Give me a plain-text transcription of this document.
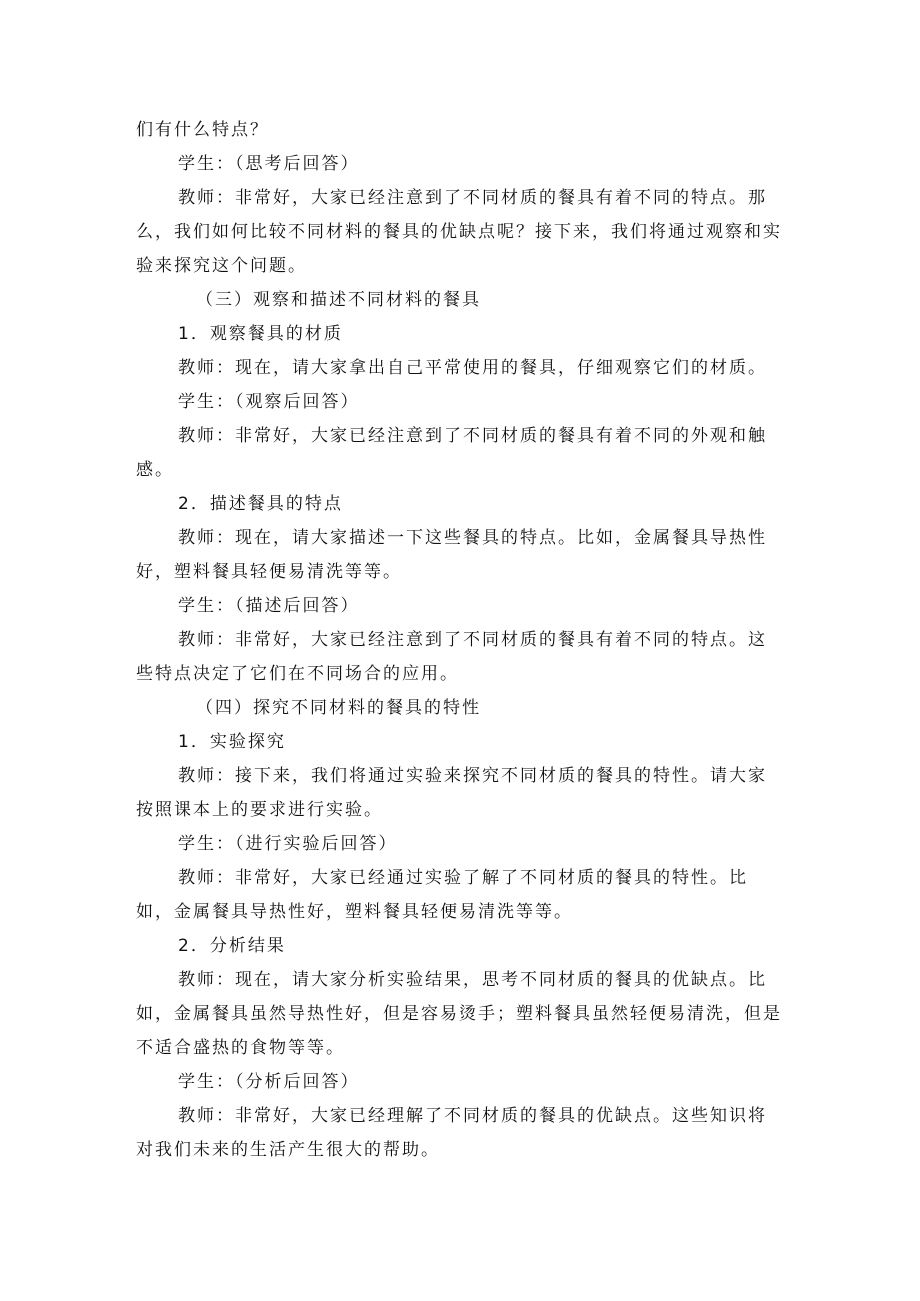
们有什么特点？

学生：（思考后回答）

教师：非常好，大家已经注意到了不同材质的餐具有着不同的特点。那么，我们如何比较不同材料的餐具的优缺点呢？接下来，我们将通过观察和实验来探究这个问题。

（三）观察和描述不同材料的餐具

1．观察餐具的材质

教师：现在，请大家拿出自己平常使用的餐具，仔细观察它们的材质。

学生：（观察后回答）

教师：非常好，大家已经注意到了不同材质的餐具有着不同的外观和触感。

2．描述餐具的特点

教师：现在，请大家描述一下这些餐具的特点。比如，金属餐具导热性好，塑料餐具轻便易清洗等等。

学生：（描述后回答）

教师：非常好，大家已经注意到了不同材质的餐具有着不同的特点。这些特点决定了它们在不同场合的应用。

（四）探究不同材料的餐具的特性

1．实验探究

教师：接下来，我们将通过实验来探究不同材质的餐具的特性。请大家按照课本上的要求进行实验。

学生：（进行实验后回答）

教师：非常好，大家已经通过实验了解了不同材质的餐具的特性。比如，金属餐具导热性好，塑料餐具轻便易清洗等等。

2．分析结果

教师：现在，请大家分析实验结果，思考不同材质的餐具的优缺点。比如，金属餐具虽然导热性好，但是容易烫手；塑料餐具虽然轻便易清洗，但是不适合盛热的食物等等。

学生：（分析后回答）

教师：非常好，大家已经理解了不同材质的餐具的优缺点。这些知识将对我们未来的生活产生很大的帮助。
